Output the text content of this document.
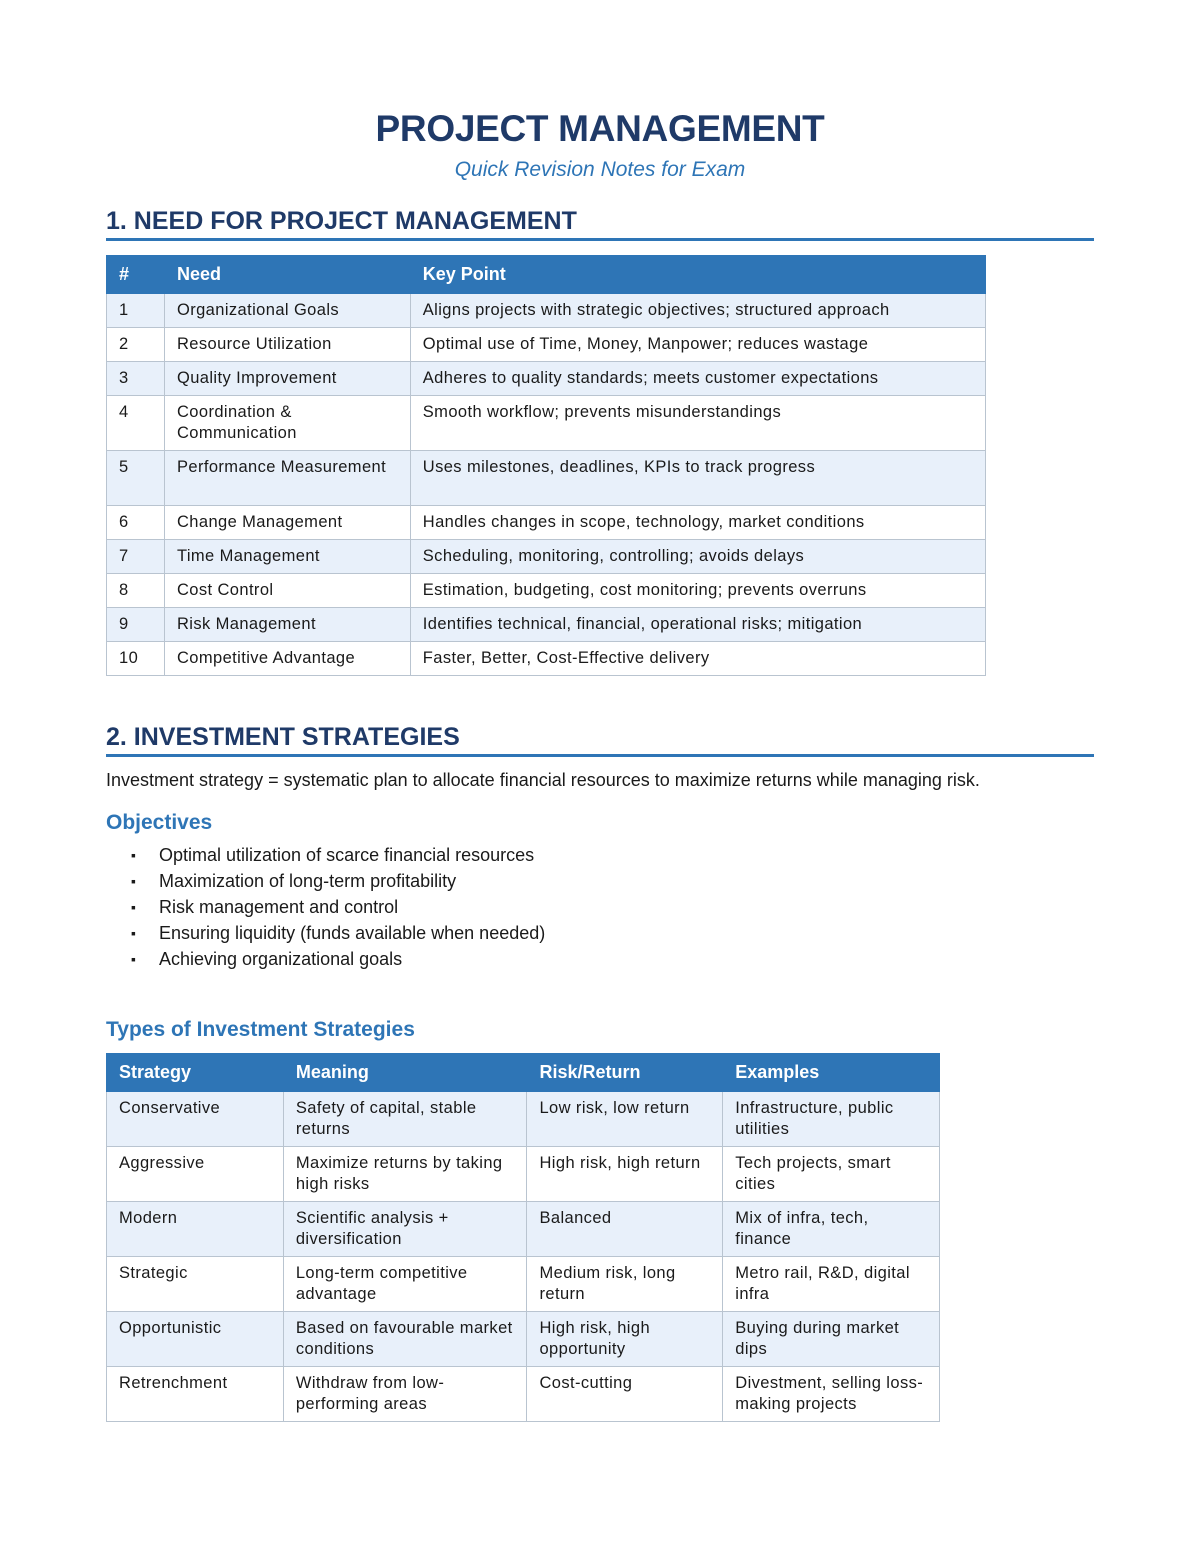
PROJECT MANAGEMENT
Quick Revision Notes for Exam
1. NEED FOR PROJECT MANAGEMENT
#	Need	Key Point
1	Organizational Goals	Aligns projects with strategic objectives; structured approach
2	Resource Utilization	Optimal use of Time, Money, Manpower; reduces wastage
3	Quality Improvement	Adheres to quality standards; meets customer expectations
4	Coordination & Communication	Smooth workflow; prevents misunderstandings
5	Performance Measurement	Uses milestones, deadlines, KPIs to track progress
6	Change Management	Handles changes in scope, technology, market conditions
7	Time Management	Scheduling, monitoring, controlling; avoids delays
8	Cost Control	Estimation, budgeting, cost monitoring; prevents overruns
9	Risk Management	Identifies technical, financial, operational risks; mitigation
10	Competitive Advantage	Faster, Better, Cost-Effective delivery
2. INVESTMENT STRATEGIES
Investment strategy = systematic plan to allocate financial resources to maximize returns while managing risk.
Objectives
▪ Optimal utilization of scarce financial resources
▪ Maximization of long-term profitability
▪ Risk management and control
▪ Ensuring liquidity (funds available when needed)
▪ Achieving organizational goals
Types of Investment Strategies
Strategy	Meaning	Risk/Return	Examples
Conservative	Safety of capital, stable returns	Low risk, low return	Infrastructure, public utilities
Aggressive	Maximize returns by taking high risks	High risk, high return	Tech projects, smart cities
Modern	Scientific analysis + diversification	Balanced	Mix of infra, tech, finance
Strategic	Long-term competitive advantage	Medium risk, long return	Metro rail, R&D, digital infra
Opportunistic	Based on favourable market conditions	High risk, high opportunity	Buying during market dips
Retrenchment	Withdraw from low-performing areas	Cost-cutting	Divestment, selling loss-making projects
